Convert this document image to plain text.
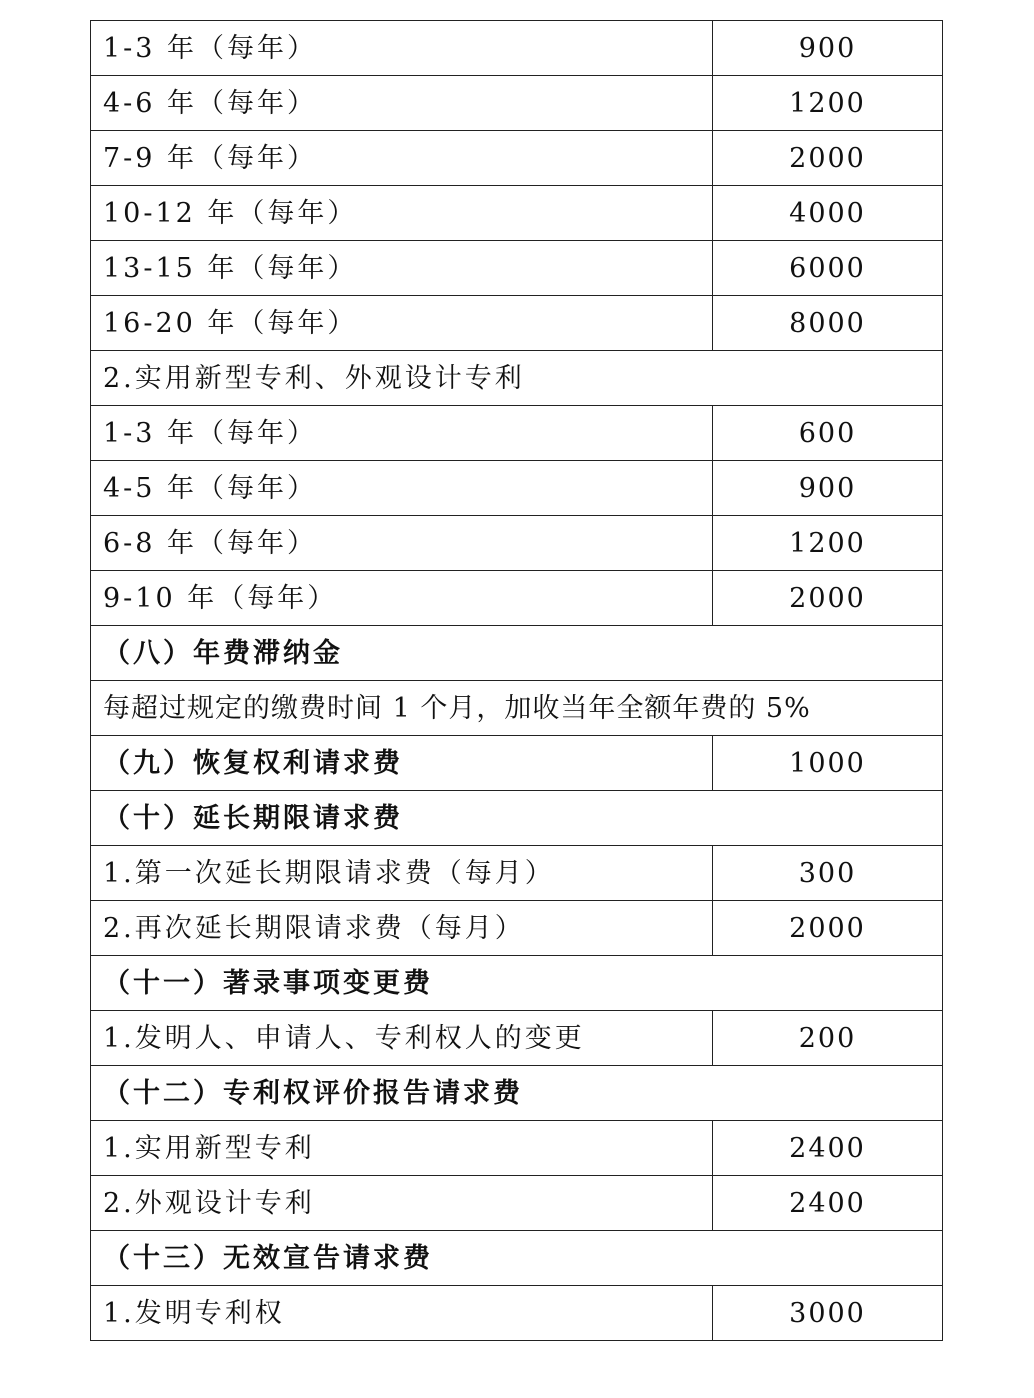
1-3 年（每年）	900
4-6 年（每年）	1200
7-9 年（每年）	2000
10-12 年（每年）	4000
13-15 年（每年）	6000
16-20 年（每年）	8000
2.实用新型专利、外观设计专利	
1-3 年（每年）	600
4-5 年（每年）	900
6-8 年（每年）	1200
9-10 年（每年）	2000
（八）年费滞纳金	
每超过规定的缴费时间 1 个月，加收当年全额年费的 5%	
（九）恢复权利请求费	1000
（十）延长期限请求费	
1.第一次延长期限请求费（每月）	300
2.再次延长期限请求费（每月）	2000
（十一）著录事项变更费	
1.发明人、申请人、专利权人的变更	200
（十二）专利权评价报告请求费	
1.实用新型专利	2400
2.外观设计专利	2400
（十三）无效宣告请求费	
1.发明专利权	3000
